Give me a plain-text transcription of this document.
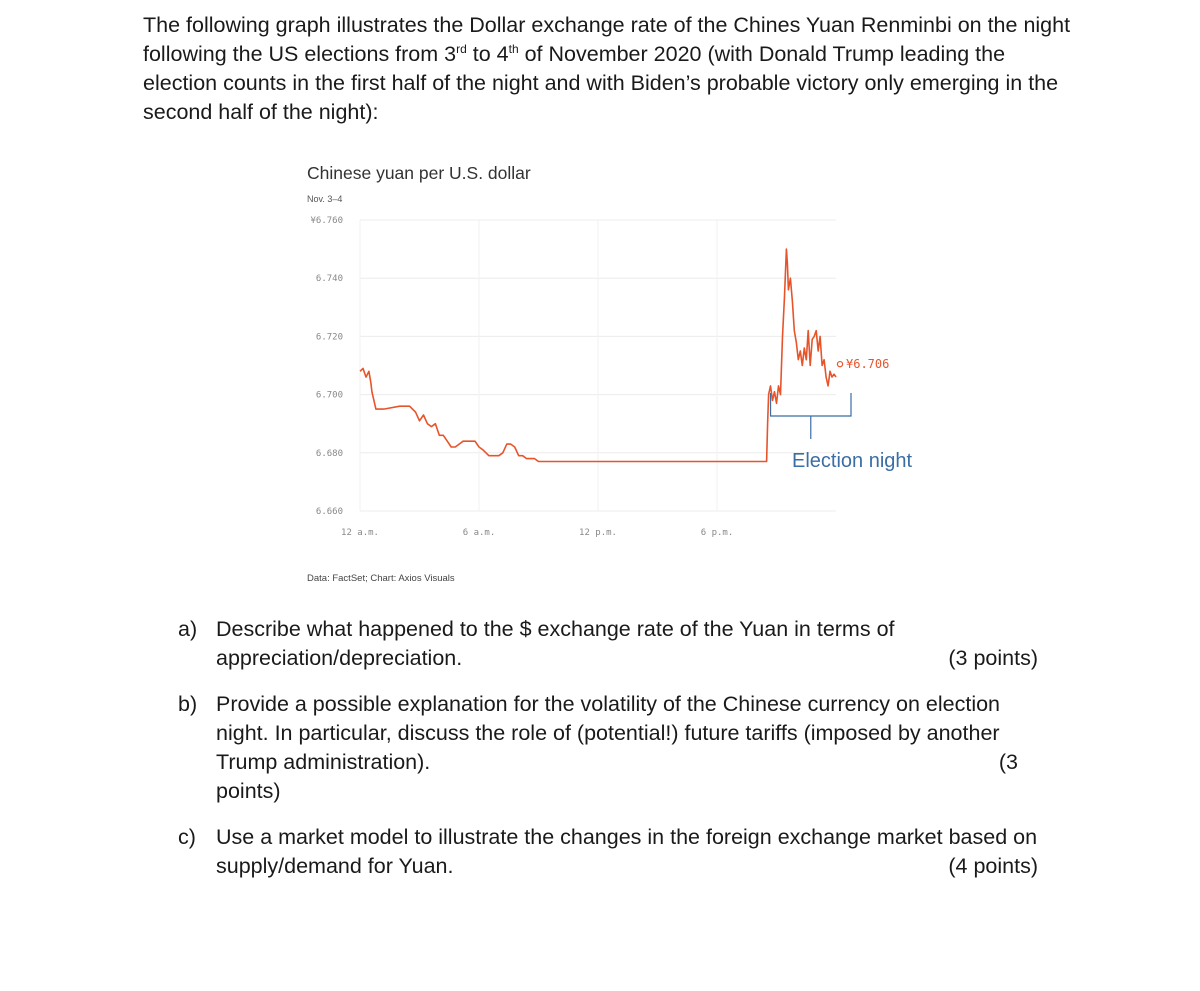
The following graph illustrates the Dollar exchange rate of the Chines Yuan Renminbi on the night following the US elections from 3rd to 4th of November 2020 (with Donald Trump leading the election counts in the first half of the night and with Biden’s probable victory only emerging in the second half of the night):

Chinese yuan per U.S. dollar
Nov. 3–4
¥6.760
6.740
6.720
6.700
6.680
6.660
12 a.m.	6 a.m.	12 p.m.	6 p.m.
¥6.706
Election night
Data: FactSet; Chart: Axios Visuals
a) Describe what happened to the $ exchange rate of the Yuan in terms of appreciation/depreciation.	(3 points)
b) Provide a possible explanation for the volatility of the Chinese currency on election night. In particular, discuss the role of (potential!) future tariffs (imposed by another Trump administration).	(3

points)
c) Use a market model to illustrate the changes in the foreign exchange market based on supply/demand for Yuan.	(4 points)
